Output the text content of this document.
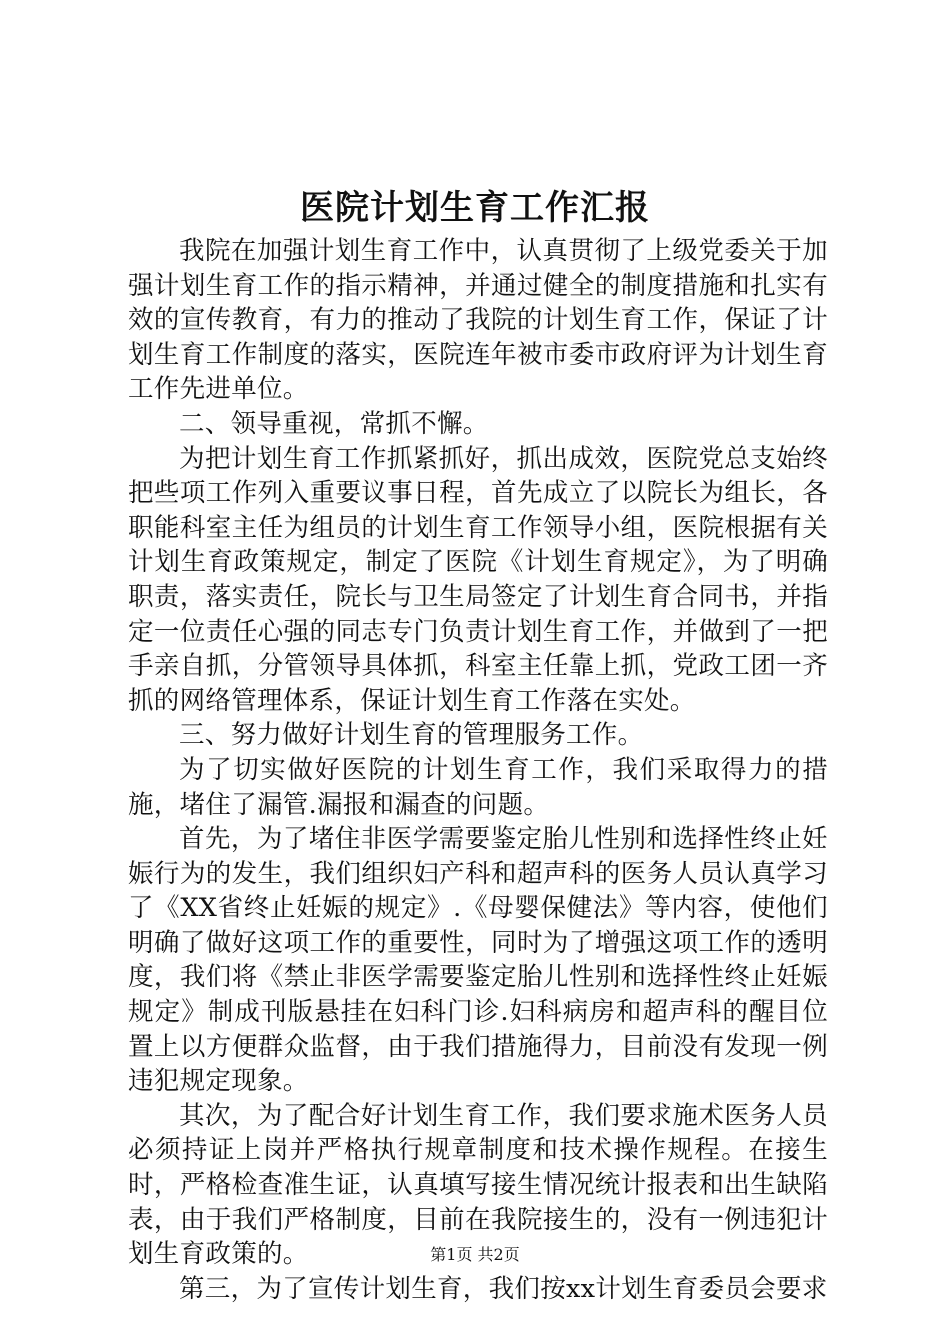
医院计划生育工作汇报

我院在加强计划生育工作中，认真贯彻了上级党委关于加强计划生育工作的指示精神，并通过健全的制度措施和扎实有效的宣传教育，有力的推动了我院的计划生育工作，保证了计划生育工作制度的落实，医院连年被市委市政府评为计划生育工作先进单位。

二、领导重视，常抓不懈。

为把计划生育工作抓紧抓好，抓出成效，医院党总支始终把些项工作列入重要议事日程，首先成立了以院长为组长，各职能科室主任为组员的计划生育工作领导小组，医院根据有关计划生育政策规定，制定了医院《计划生育规定》，为了明确职责，落实责任，院长与卫生局签定了计划生育合同书，并指定一位责任心强的同志专门负责计划生育工作，并做到了一把手亲自抓，分管领导具体抓，科室主任靠上抓，党政工团一齐抓的网络管理体系，保证计划生育工作落在实处。

三、努力做好计划生育的管理服务工作。

为了切实做好医院的计划生育工作，我们采取得力的措施，堵住了漏管.漏报和漏查的问题。

首先，为了堵住非医学需要鉴定胎儿性别和选择性终止妊娠行为的发生，我们组织妇产科和超声科的医务人员认真学习了《XX省终止妊娠的规定》.《母婴保健法》等内容，使他们明确了做好这项工作的重要性，同时为了增强这项工作的透明度，我们将《禁止非医学需要鉴定胎儿性别和选择性终止妊娠规定》制成刊版悬挂在妇科门诊.妇科病房和超声科的醒目位置上以方便群众监督，由于我们措施得力，目前没有发现一例违犯规定现象。

其次，为了配合好计划生育工作，我们要求施术医务人员必须持证上岗并严格执行规章制度和技术操作规程。在接生时，严格检查准生证，认真填写接生情况统计报表和出生缺陷表，由于我们严格制度，目前在我院接生的，没有一例违犯计划生育政策的。

第三，为了宣传计划生育，我们按xx计划生育委员会要求

第1页 共2页
